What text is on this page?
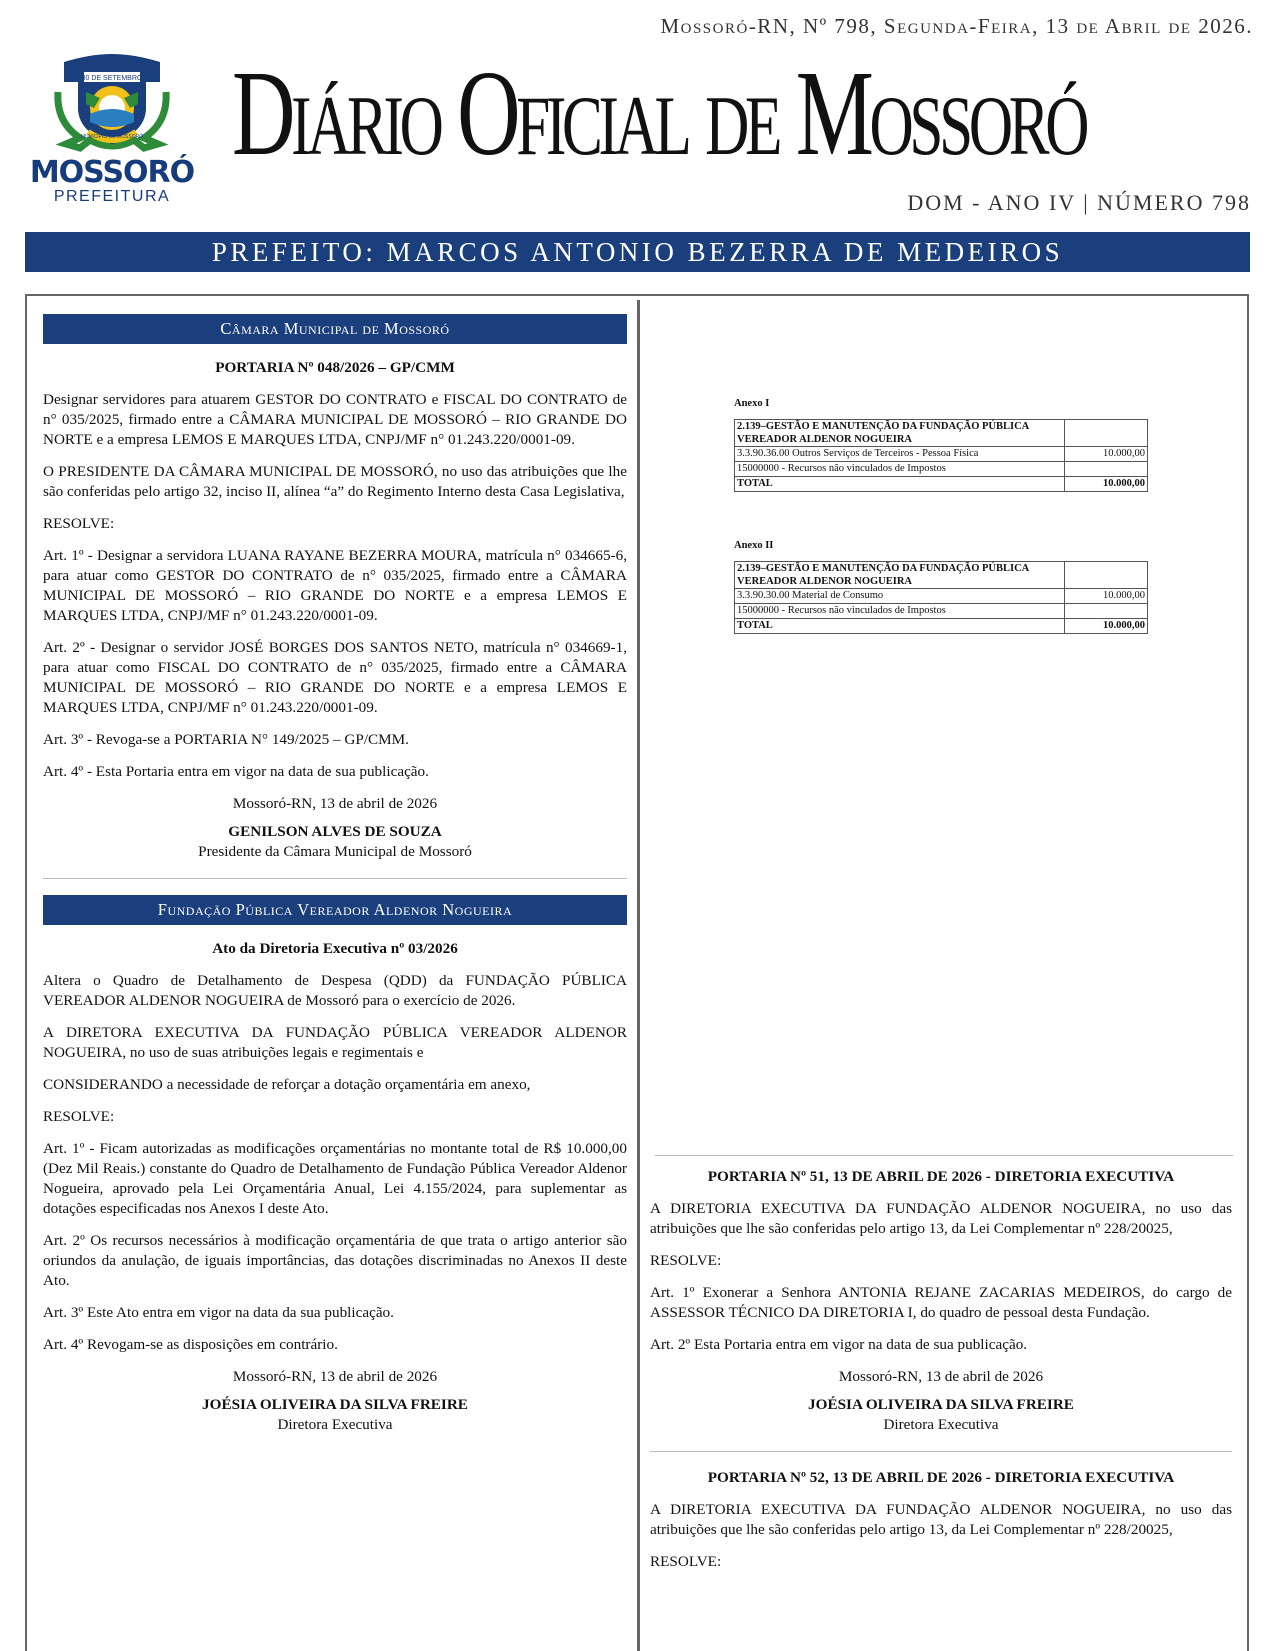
Mossoró-RN, Nº 798, Segunda-Feira, 13 de Abril de 2026.
30 DE SETEMBRO
MUNICÍPIO DE MOSSORÓ
MOSSORÓ
PREFEITURA
Diário Oficial de Mossoró
DOM - ANO IV | NÚMERO 798
PREFEITO: MARCOS ANTONIO BEZERRA DE MEDEIROS
Câmara Municipal de Mossoró
PORTARIA Nº 048/2026 – GP/CMM

Designar servidores para atuarem GESTOR DO CONTRATO e FISCAL DO CONTRATO de n° 035/2025, firmado entre a CÂMARA MUNICIPAL DE MOSSORÓ – RIO GRANDE DO NORTE e a empresa LEMOS E MARQUES LTDA, CNPJ/MF n° 01.243.220/0001-09.

O PRESIDENTE DA CÂMARA MUNICIPAL DE MOSSORÓ, no uso das atribuições que lhe são conferidas pelo artigo 32, inciso II, alínea “a” do Regimento Interno desta Casa Legislativa,

RESOLVE:

Art. 1º - Designar a servidora LUANA RAYANE BEZERRA MOURA, matrícula n° 034665-6, para atuar como GESTOR DO CONTRATO de n° 035/2025, firmado entre a CÂMARA MUNICIPAL DE MOSSORÓ – RIO GRANDE DO NORTE e a empresa LEMOS E MARQUES LTDA, CNPJ/MF n° 01.243.220/0001-09.

Art. 2º - Designar o servidor JOSÉ BORGES DOS SANTOS NETO, matrícula n° 034669-1, para atuar como FISCAL DO CONTRATO de n° 035/2025, firmado entre a CÂMARA MUNICIPAL DE MOSSORÓ – RIO GRANDE DO NORTE e a empresa LEMOS E MARQUES LTDA, CNPJ/MF n° 01.243.220/0001-09.

Art. 3º - Revoga-se a PORTARIA N° 149/2025 – GP/CMM.

Art. 4º - Esta Portaria entra em vigor na data de sua publicação.

Mossoró-RN, 13 de abril de 2026
GENILSON ALVES DE SOUZA
Presidente da Câmara Municipal de Mossoró
Fundação Pública Vereador Aldenor Nogueira
Ato da Diretoria Executiva nº 03/2026

Altera o Quadro de Detalhamento de Despesa (QDD) da FUNDAÇÃO PÚBLICA VEREADOR ALDENOR NOGUEIRA de Mossoró para o exercício de 2026.

A DIRETORA EXECUTIVA DA FUNDAÇÃO PÚBLICA VEREADOR ALDENOR NOGUEIRA, no uso de suas atribuições legais e regimentais e

CONSIDERANDO a necessidade de reforçar a dotação orçamentária em anexo,

RESOLVE:

Art. 1º - Ficam autorizadas as modificações orçamentárias no montante total de R$ 10.000,00 (Dez Mil Reais.) constante do Quadro de Detalhamento de Fundação Pública Vereador Aldenor Nogueira, aprovado pela Lei Orçamentária Anual, Lei 4.155/2024, para suplementar as dotações especificadas nos Anexos I deste Ato.

Art. 2º Os recursos necessários à modificação orçamentária de que trata o artigo anterior são oriundos da anulação, de iguais importâncias, das dotações discriminadas no Anexos II deste Ato.

Art. 3º Este Ato entra em vigor na data da sua publicação.

Art. 4º Revogam-se as disposições em contrário.

Mossoró-RN, 13 de abril de 2026
JOÉSIA OLIVEIRA DA SILVA FREIRE
Diretora Executiva
Anexo I
2.139–GESTÃO E MANUTENÇÃO DA FUNDAÇÃO PÚBLICA VEREADOR ALDENOR NOGUEIRA	
3.3.90.36.00 Outros Serviços de Terceiros - Pessoa Física	10.000,00
15000000 - Recursos não vinculados de Impostos	
TOTAL	10.000,00
Anexo II
2.139–GESTÃO E MANUTENÇÃO DA FUNDAÇÃO PÚBLICA VEREADOR ALDENOR NOGUEIRA	
3.3.90.30.00 Material de Consumo	10.000,00
15000000 - Recursos não vinculados de Impostos	
TOTAL	10.000,00
PORTARIA Nº 51, 13 DE ABRIL DE 2026 - DIRETORIA EXECUTIVA

A DIRETORIA EXECUTIVA DA FUNDAÇÃO ALDENOR NOGUEIRA, no uso das atribuições que lhe são conferidas pelo artigo 13, da Lei Complementar nº 228/20025,

RESOLVE:

Art. 1º Exonerar a Senhora ANTONIA REJANE ZACARIAS MEDEIROS, do cargo de ASSESSOR TÉCNICO DA DIRETORIA I, do quadro de pessoal desta Fundação.

Art. 2º Esta Portaria entra em vigor na data de sua publicação.

Mossoró-RN, 13 de abril de 2026
JOÉSIA OLIVEIRA DA SILVA FREIRE
Diretora Executiva
PORTARIA Nº 52, 13 DE ABRIL DE 2026 - DIRETORIA EXECUTIVA

A DIRETORIA EXECUTIVA DA FUNDAÇÃO ALDENOR NOGUEIRA, no uso das atribuições que lhe são conferidas pelo artigo 13, da Lei Complementar nº 228/20025,

RESOLVE:
